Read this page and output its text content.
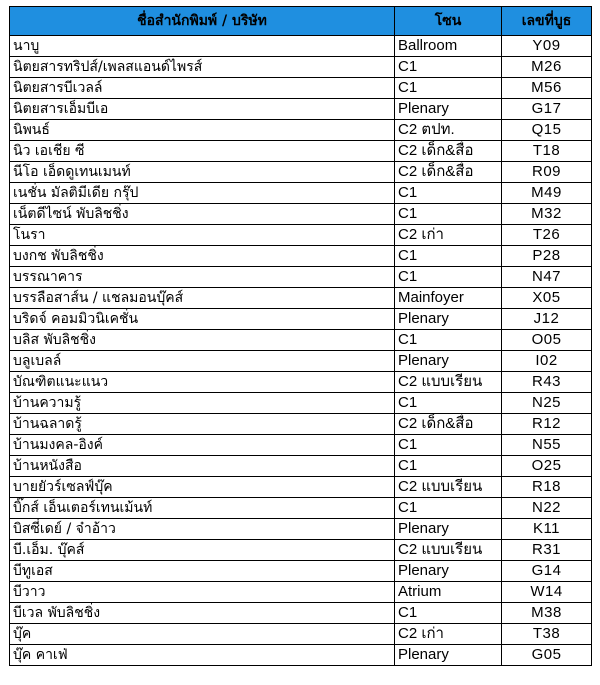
ชื่อสำนักพิมพ์ / บริษัท	โซน	เลขที่บูธ
นาบู	Ballroom	Y09
นิตยสารทริปส์/เพลสแอนด์ไพรส์	C1	M26
นิตยสารบีเวลล์	C1	M56
นิตยสารเอ็มบีเอ	Plenary	G17
นิพนธ์	C2 ตปท.	Q15
นิว เอเชีย ซี	C2 เด็ก&สื่อ	T18
นีโอ เอ็ดดูเทนเมนท์	C2 เด็ก&สื่อ	R09
เนชั่น มัลติมีเดีย กรุ๊ป	C1	M49
เน็ตดีไซน์ พับลิชชิ่ง	C1	M32
โนรา	C2 เก่า	T26
บงกช พับลิชชิ่ง	C1	P28
บรรณาคาร	C1	N47
บรรลือสาส์น / แชลมอนบุ๊คส์	Mainfoyer	X05
บริดจ์ คอมมิวนิเคชั่น	Plenary	J12
บลิส พับลิชชิ่ง	C1	O05
บลูเบลล์	Plenary	I02
บัณฑิตแนะแนว	C2 แบบเรียน	R43
บ้านความรู้	C1	N25
บ้านฉลาดรู้	C2 เด็ก&สื่อ	R12
บ้านมงคล-อิงค์	C1	N55
บ้านหนังสือ	C1	O25
บายยัวร์เซลฟ์บุ๊ค	C2 แบบเรียน	R18
บิ๊กส์ เอ็นเตอร์เทนเม้นท์	C1	N22
บิสซี่เดย์ / จ๋าอ้าว	Plenary	K11
บี.เอ็ม. บุ๊คส์	C2 แบบเรียน	R31
บีทูเอส	Plenary	G14
บีวาว	Atrium	W14
บีเวล พับลิชชิ่ง	C1	M38
บุ๊ค	C2 เก่า	T38
บุ๊ค คาเฟ่	Plenary	G05
